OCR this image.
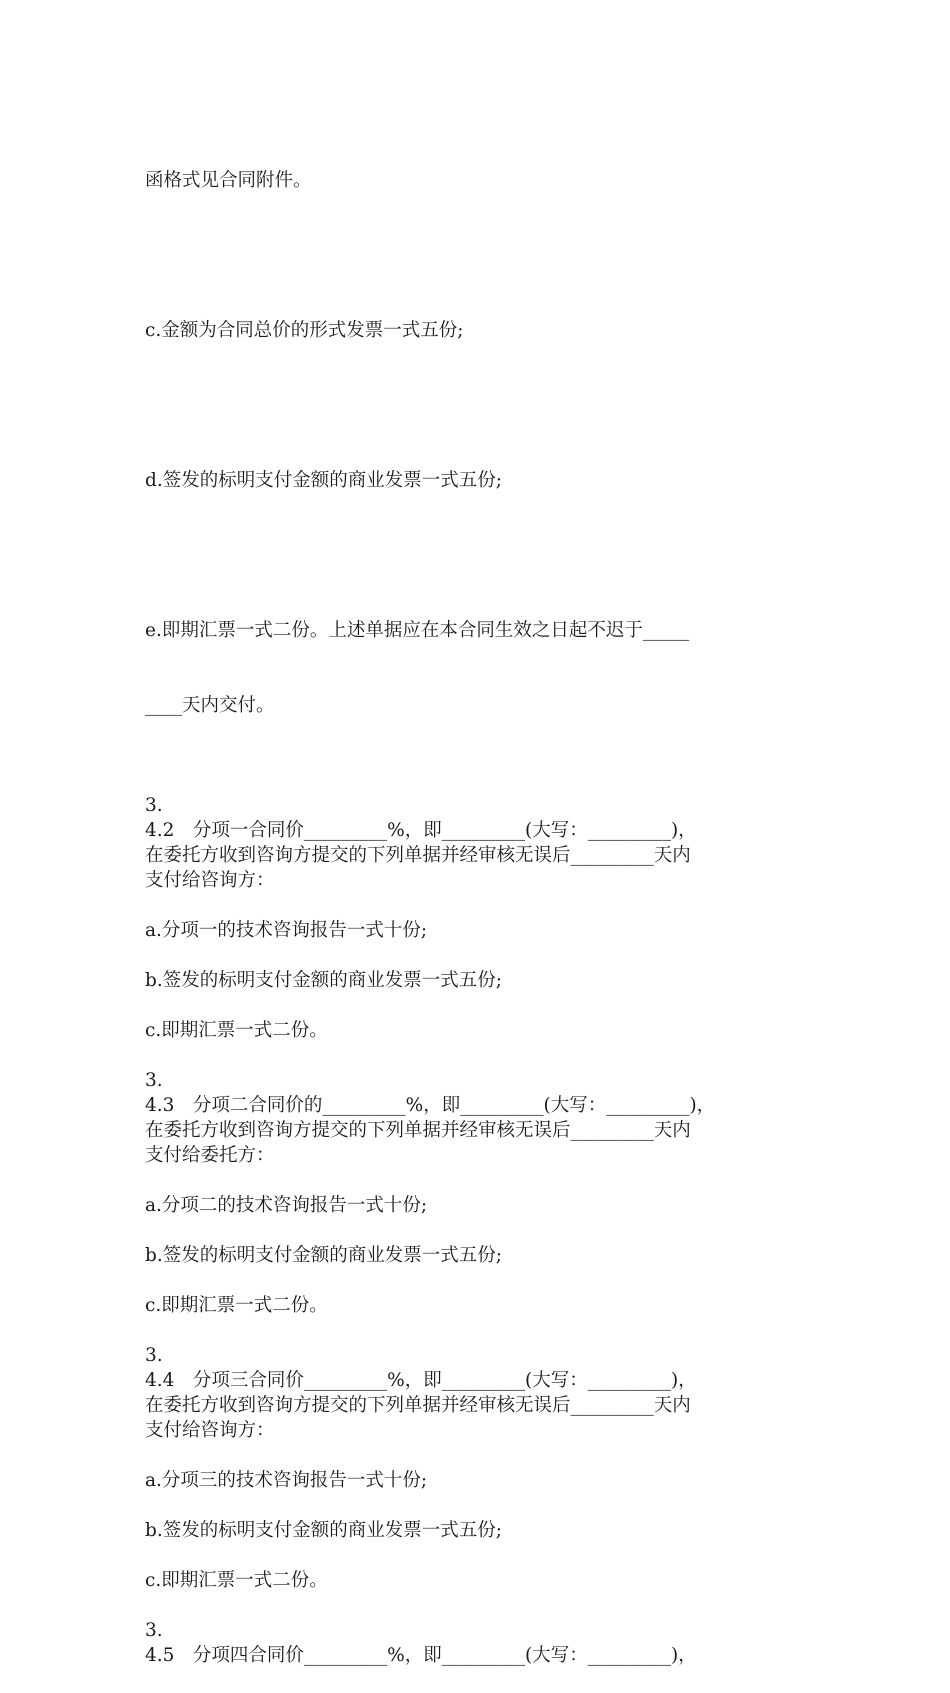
函格式见合同附件。

c.金额为合同总价的形式发票一式五份;

d.签发的标明支付金额的商业发票一式五份;

e.即期汇票一式二份。上述单据应在本合同生效之日起不迟于_____

____天内交付。

3.
4.2　分项一合同价_________%，即_________(大写：_________)，
在委托方收到咨询方提交的下列单据并经审核无误后_________天内
支付给咨询方：

a.分项一的技术咨询报告一式十份;

b.签发的标明支付金额的商业发票一式五份;

c.即期汇票一式二份。

3.
4.3　分项二合同价的_________%，即_________(大写：_________)，
在委托方收到咨询方提交的下列单据并经审核无误后_________天内
支付给委托方：

a.分项二的技术咨询报告一式十份;

b.签发的标明支付金额的商业发票一式五份;

c.即期汇票一式二份。

3.
4.4　分项三合同价_________%，即_________(大写：_________)，
在委托方收到咨询方提交的下列单据并经审核无误后_________天内
支付给咨询方：

a.分项三的技术咨询报告一式十份;

b.签发的标明支付金额的商业发票一式五份;

c.即期汇票一式二份。

3.
4.5　分项四合同价_________%，即_________(大写：_________)，
